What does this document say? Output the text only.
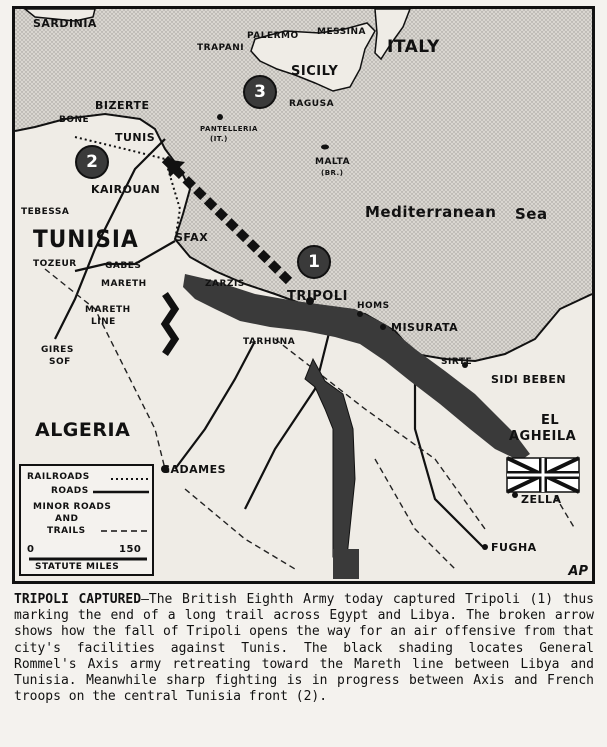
SARDINIA
PALERMO MESSINA
TRAPANI	ITALY
SICILY
RAGUSA
BIZERTE
BONE
TUNIS
PANTELLERIA
(IT.)
MALTA
(BR.)
KAIROUAN
TEBESSA	Mediterranean Sea
TUNISIA	SFAX
TOZEUR	GABES
MARETH	ZARZIS
TRIPOLI
HOMS
MISURATA
MARETH
LINE
TARHUNA
GIRES
SOF	SIRTE
SIDI BEBEN
ALGERIA	EL
AGHEILA
GADAMES
ZELLA
FUGHA
1
2
3
RAILROADS
ROADS
MINOR ROADS
AND
TRAILS
0	150
STATUTE MILES	AP
TRIPOLI CAPTURED—The British Eighth Army today captured Tripoli (1) thus marking the end of a long trail across Egypt and Libya. The broken arrow shows how the fall of Tripoli opens the way for an air offensive from that city's facilities against Tunis. The black shading locates General Rommel's Axis army retreating toward the Mareth line between Libya and Tunisia. Meanwhile sharp fighting is in progress between Axis and French troops on the central Tunisia front (2).
